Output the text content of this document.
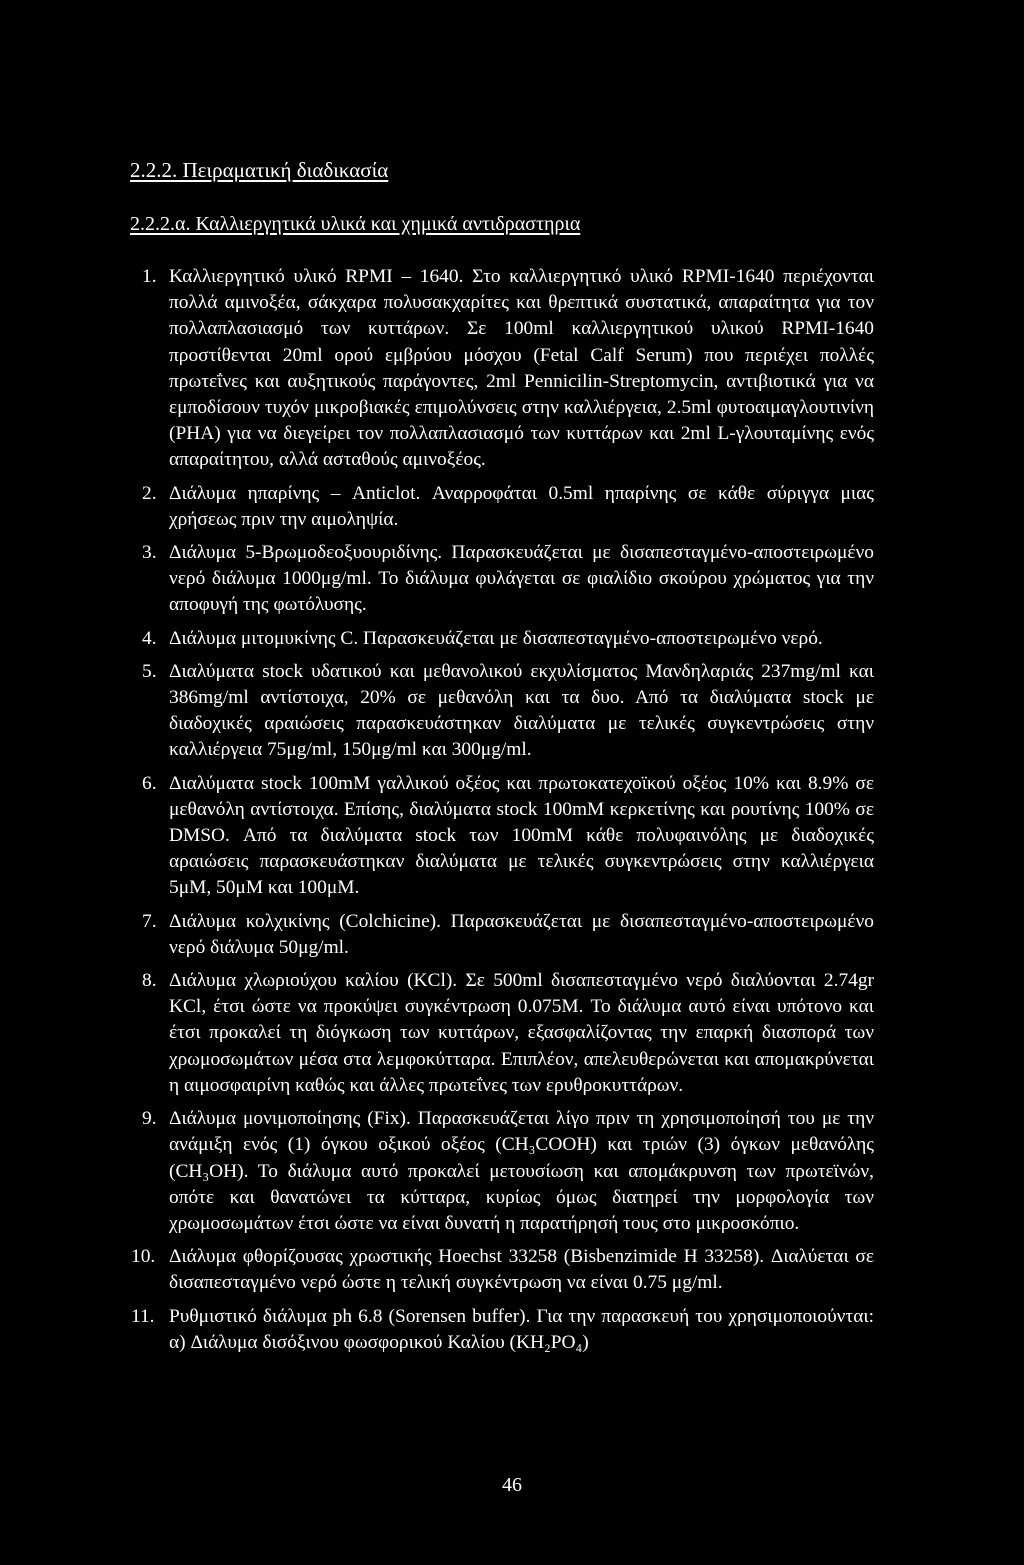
2.2.2. Πειραματική διαδικασία
2.2.2.α. Καλλιεργητικά υλικά και χημικά αντιδραστηρια
1. Καλλιεργητικό υλικό RPMI – 1640. Στο καλλιεργητικό υλικό RPMI-1640 περιέχονται πολλά αμινοξέα, σάκχαρα πολυσακχαρίτες και θρεπτικά συστατικά, απαραίτητα για τον πολλαπλασιασμό των κυττάρων. Σε 100ml καλλιεργητικού υλικού RPMI-1640 προστίθενται 20ml ορού εμβρύου μόσχου (Fetal Calf Serum) που περιέχει πολλές πρωτεΐνες και αυξητικούς παράγοντες, 2ml Pennicilin-Streptomycin, αντιβιοτικά για να εμποδίσουν τυχόν μικροβιακές επιμολύνσεις στην καλλιέργεια, 2.5ml φυτοαιμαγλουτινίνη (PHA) για να διεγείρει τον πολλαπλασιασμό των κυττάρων και 2ml L-γλουταμίνης ενός απαραίτητου, αλλά ασταθούς αμινοξέος.
2. Διάλυμα ηπαρίνης – Anticlot. Αναρροφάται 0.5ml ηπαρίνης σε κάθε σύριγγα μιας χρήσεως πριν την αιμοληψία.
3. Διάλυμα 5-Βρωμοδεοξυουριδίνης. Παρασκευάζεται με δισαπεσταγμένο-αποστειρωμένο νερό διάλυμα 1000μg/ml. Το διάλυμα φυλάγεται σε φιαλίδιο σκούρου χρώματος για την αποφυγή της φωτόλυσης.
4. Διάλυμα μιτομυκίνης C. Παρασκευάζεται με δισαπεσταγμένο-αποστειρωμένο νερό.
5. Διαλύματα stock υδατικού και μεθανολικού εκχυλίσματος Μανδηλαριάς 237mg/ml και 386mg/ml αντίστοιχα, 20% σε μεθανόλη και τα δυο. Από τα διαλύματα stock με διαδοχικές αραιώσεις παρασκευάστηκαν διαλύματα με τελικές συγκεντρώσεις στην καλλιέργεια 75μg/ml, 150μg/ml και 300μg/ml.
6. Διαλύματα stock 100mM γαλλικού οξέος και πρωτοκατεχοϊκού οξέος 10% και 8.9% σε μεθανόλη αντίστοιχα. Επίσης, διαλύματα stock 100mM κερκετίνης και ρουτίνης 100% σε DMSO. Από τα διαλύματα stock των 100mM κάθε πολυφαινόλης με διαδοχικές αραιώσεις παρασκευάστηκαν διαλύματα με τελικές συγκεντρώσεις στην καλλιέργεια 5μM, 50μM και 100μM.
7. Διάλυμα κολχικίνης (Colchicine). Παρασκευάζεται με δισαπεσταγμένο-αποστειρωμένο νερό διάλυμα 50μg/ml.
8. Διάλυμα χλωριούχου καλίου (KCl). Σε 500ml δισαπεσταγμένο νερό διαλύονται 2.74gr KCl, έτσι ώστε να προκύψει συγκέντρωση 0.075M. Το διάλυμα αυτό είναι υπότονο και έτσι προκαλεί τη διόγκωση των κυττάρων, εξασφαλίζοντας την επαρκή διασπορά των χρωμοσωμάτων μέσα στα λεμφοκύτταρα. Επιπλέον, απελευθερώνεται και απομακρύνεται η αιμοσφαιρίνη καθώς και άλλες πρωτεΐνες των ερυθροκυττάρων.
9. Διάλυμα μονιμοποίησης (Fix). Παρασκευάζεται λίγο πριν τη χρησιμοποίησή του με την ανάμιξη ενός (1) όγκου οξικού οξέος (CH₃COOH) και τριών (3) όγκων μεθανόλης (CH₃OH). Το διάλυμα αυτό προκαλεί μετουσίωση και απομάκρυνση των πρωτεϊνών, οπότε και θανατώνει τα κύτταρα, κυρίως όμως διατηρεί την μορφολογία των χρωμοσωμάτων έτσι ώστε να είναι δυνατή η παρατήρησή τους στο μικροσκόπιο.
10. Διάλυμα φθορίζουσας χρωστικής Hoechst 33258 (Bisbenzimide H 33258). Διαλύεται σε δισαπεσταγμένο νερό ώστε η τελική συγκέντρωση να είναι 0.75 μg/ml.
11. Ρυθμιστικό διάλυμα ph 6.8 (Sorensen buffer). Για την παρασκευή του χρησιμοποιούνται: α) Διάλυμα δισόξινου φωσφορικού Καλίου (KH₂PO₄)
46
